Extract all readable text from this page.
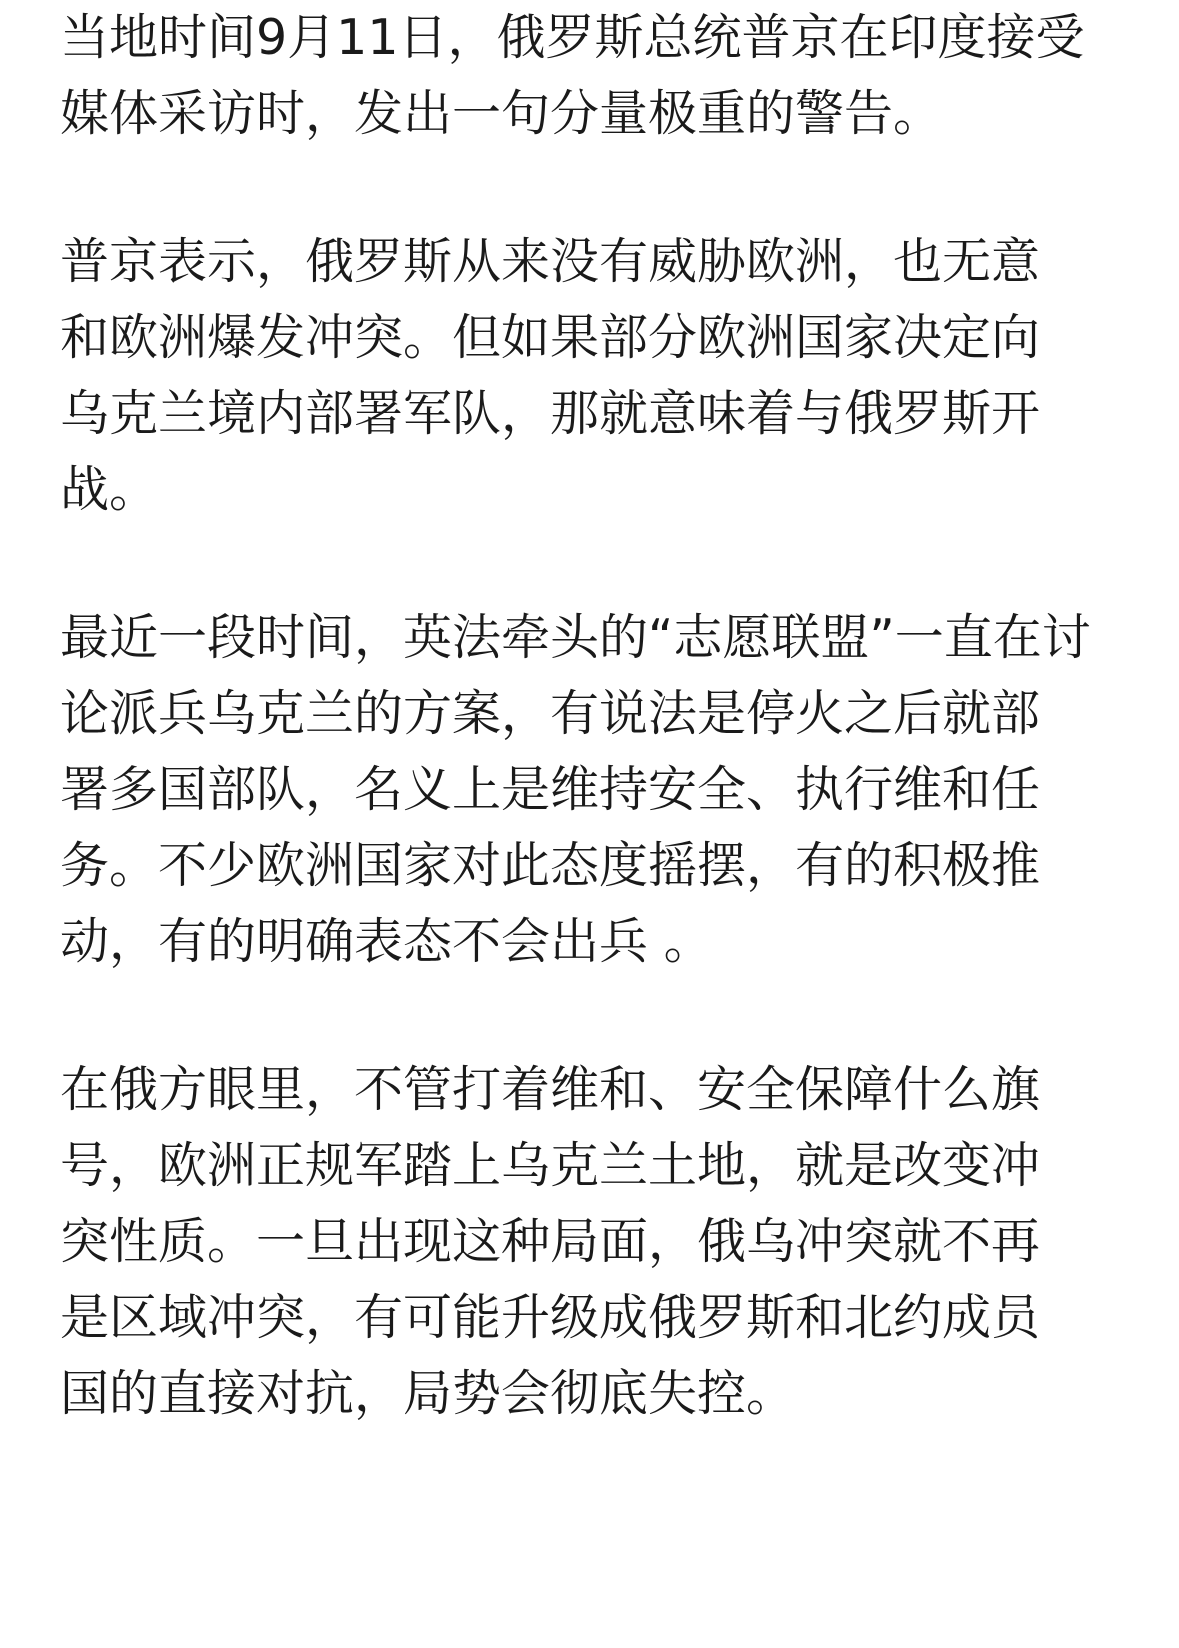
当地时间9月11日，俄罗斯总统普京在印度接受
媒体采访时，发出一句分量极重的警告。
普京表示，俄罗斯从来没有威胁欧洲，也无意
和欧洲爆发冲突。但如果部分欧洲国家决定向
乌克兰境内部署军队，那就意味着与俄罗斯开
战。
最近一段时间，英法牵头的“志愿联盟”一直在讨
论派兵乌克兰的方案，有说法是停火之后就部
署多国部队，名义上是维持安全、执行维和任
务。不少欧洲国家对此态度摇摆，有的积极推
动，有的明确表态不会出兵 。
在俄方眼里，不管打着维和、安全保障什么旗
号，欧洲正规军踏上乌克兰土地，就是改变冲
突性质。一旦出现这种局面，俄乌冲突就不再
是区域冲突，有可能升级成俄罗斯和北约成员
国的直接对抗，局势会彻底失控。
